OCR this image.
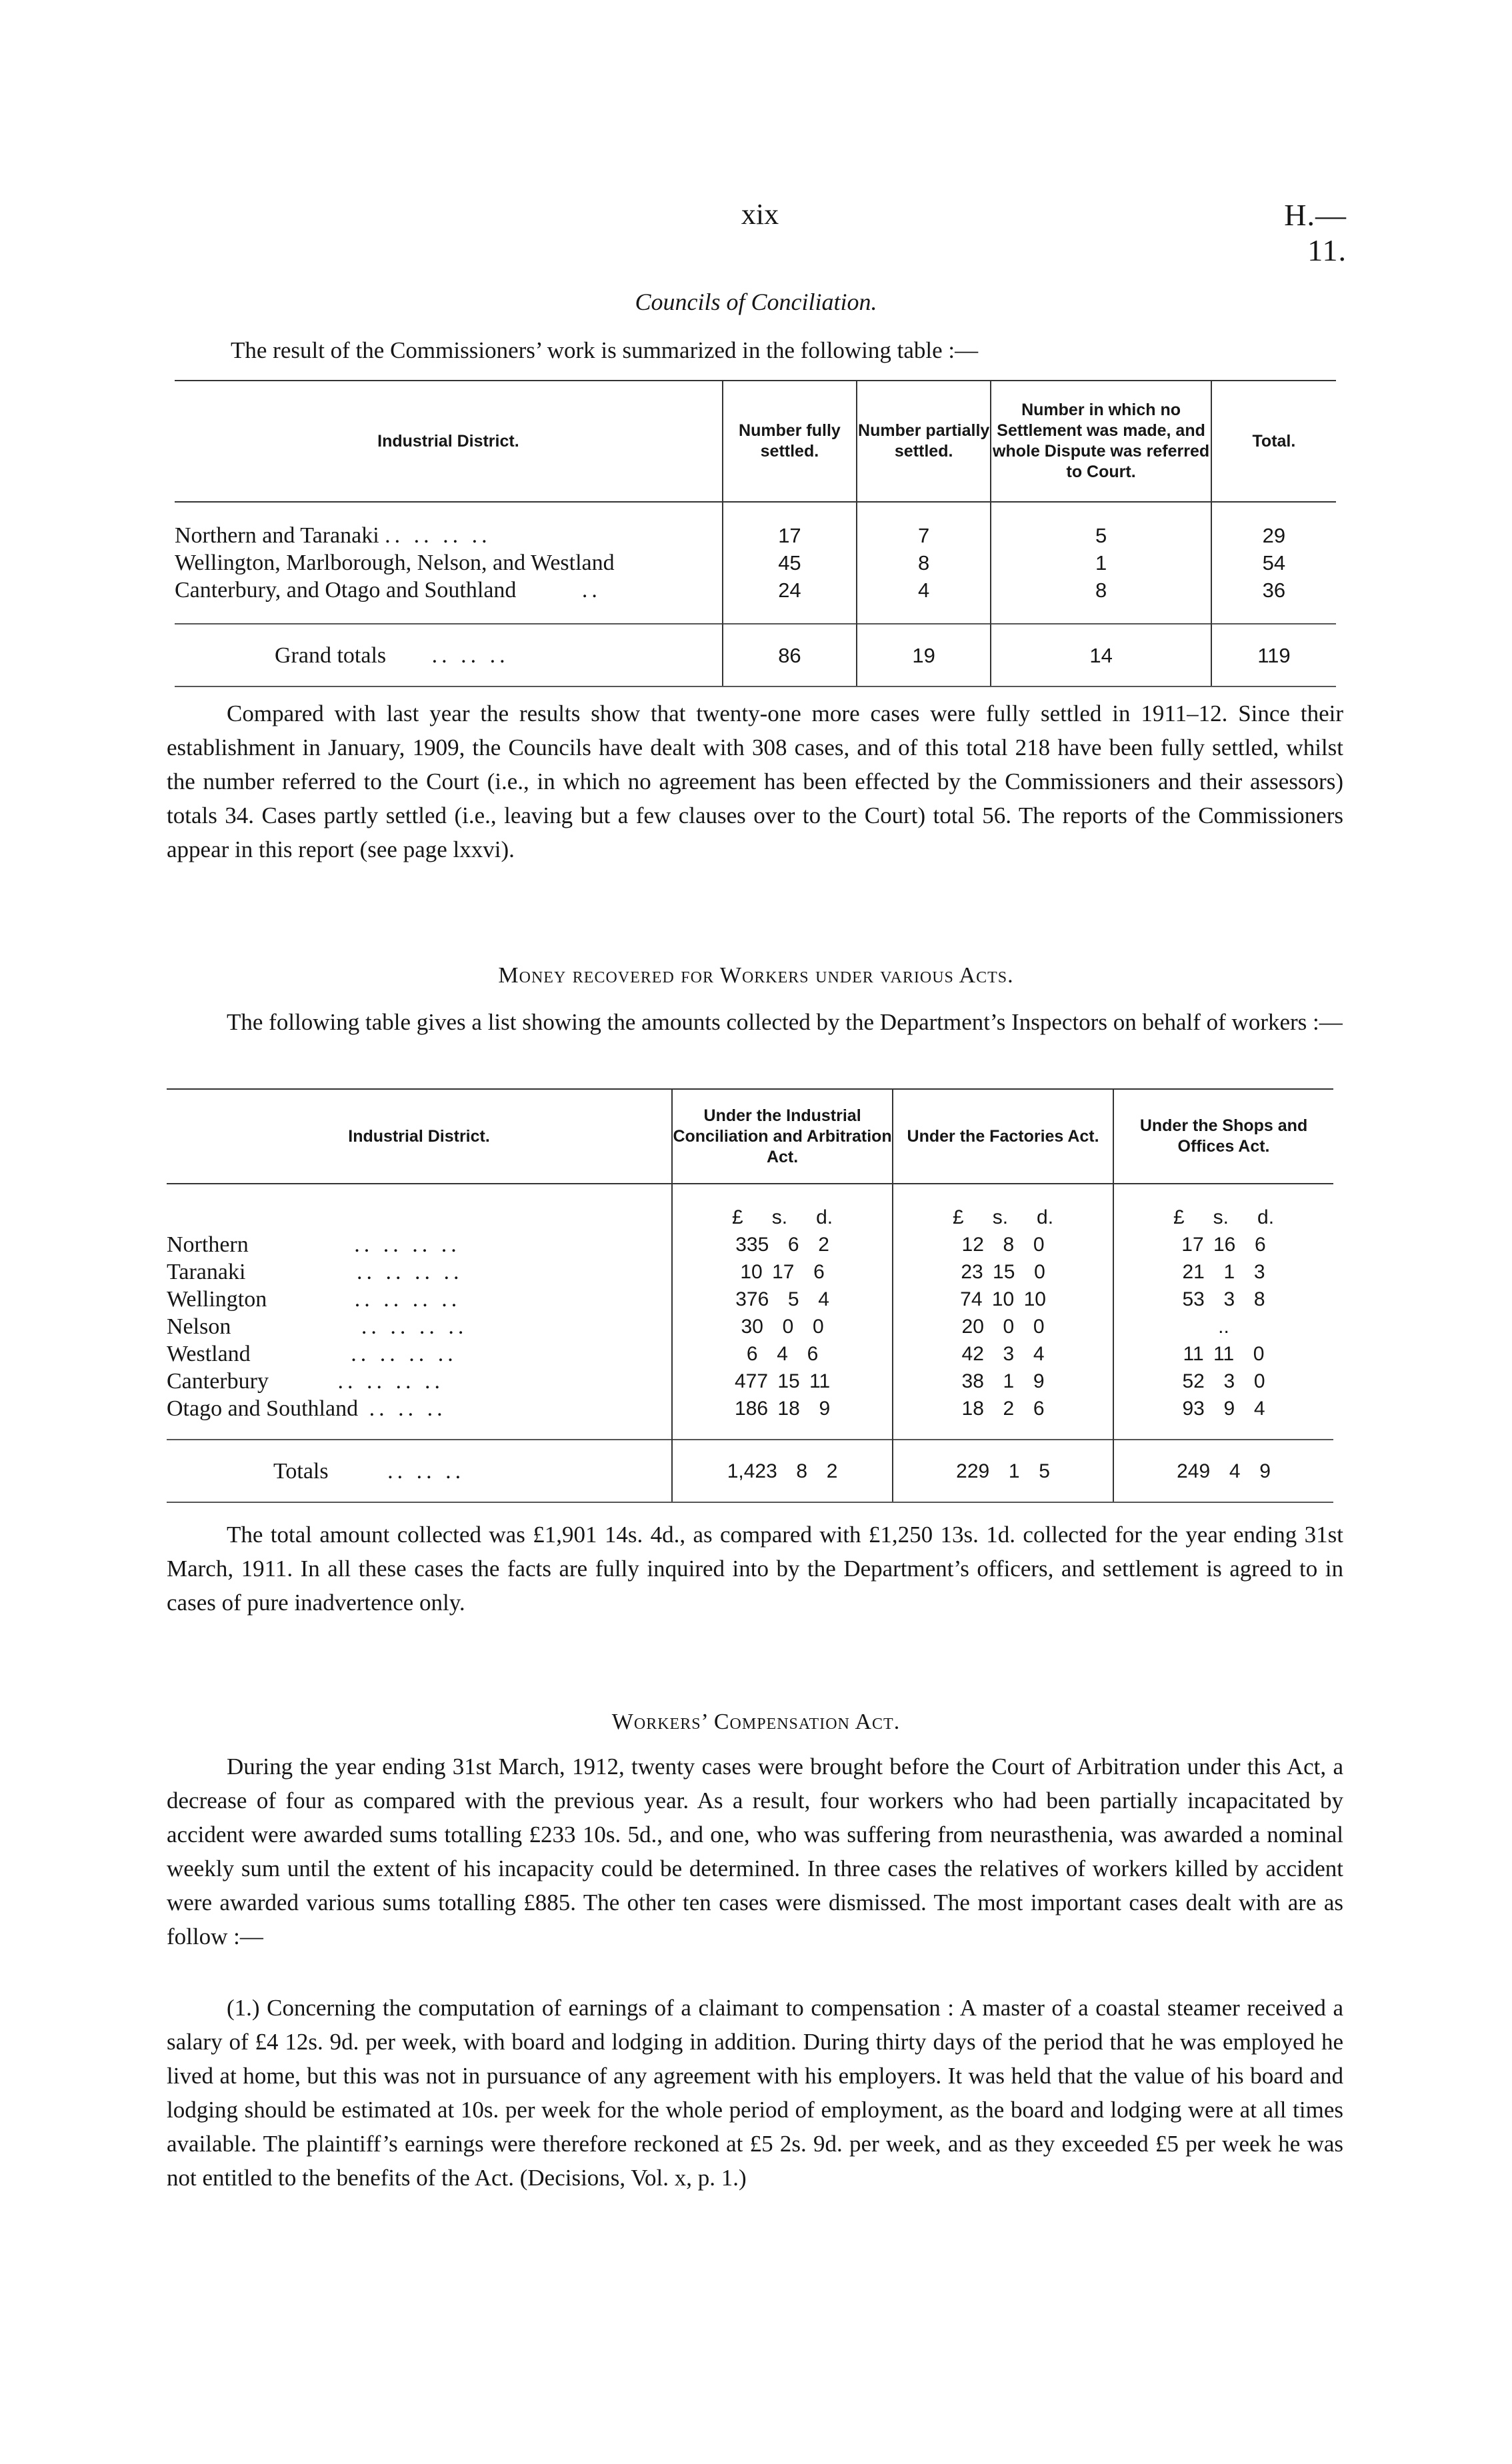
xix	H.—11.
Councils of Conciliation.
The result of the Commissioners’ work is summarized in the following table :—
Industrial District.	Number fully settled.	Number partially settled.	Number in which no Settlement was made, and whole Dispute was referred to Court.	Total.

Northern and Taranaki .. .. .. ..	17	7	5	29
Wellington, Marlborough, Nelson, and Westland	45	8	1	54
Canterbury, and Otago and Southland ..	24	4	8	36

Grand totals .. .. ..	86	19	14	119
Compared with last year the results show that twenty-one more cases were fully settled in 1911–12. Since their establishment in January, 1909, the Councils have dealt with 308 cases, and of this total 218 have been fully settled, whilst the number referred to the Court (i.e., in which no agreement has been effected by the Commissioners and their assessors) totals 34. Cases partly settled (i.e., leaving but a few clauses over to the Court) total 56. The reports of the Commissioners appear in this report (see page lxxvi).
Money recovered for Workers under various Acts.
The following table gives a list showing the amounts collected by the Department’s Inspectors on behalf of workers :—
Industrial District.	Under the Industrial Conciliation and Arbitration Act.	Under the Factories Act.	Under the Shops and Offices Act.

	£   s.   d.	£   s.   d.	£   s.   d.
Northern .. .. .. ..	335  6  2	12  8  0	17 16  6
Taranaki .. .. .. ..	10 17  6	23 15  0	21  1  3
Wellington .. .. .. ..	376  5  4	74 10 10	53  3  8
Nelson .. .. .. ..	30  0  0	20  0  0	..
Westland .. .. .. ..	6  4  6	42  3  4	11 11  0
Canterbury .. .. .. ..	477 15 11	38  1  9	52  3  0
Otago and Southland .. .. ..	186 18  9	18  2  6	93  9  4

Totals .. .. ..	1,423  8  2	229  1  5	249  4  9
The total amount collected was £1,901 14s. 4d., as compared with £1,250 13s. 1d. collected for the year ending 31st March, 1911. In all these cases the facts are fully inquired into by the Department’s officers, and settlement is agreed to in cases of pure inadvertence only.
Workers’ Compensation Act.
During the year ending 31st March, 1912, twenty cases were brought before the Court of Arbitration under this Act, a decrease of four as compared with the previous year. As a result, four workers who had been partially incapacitated by accident were awarded sums totalling £233 10s. 5d., and one, who was suffering from neurasthenia, was awarded a nominal weekly sum until the extent of his incapacity could be determined. In three cases the relatives of workers killed by accident were awarded various sums totalling £885. The other ten cases were dismissed. The most important cases dealt with are as follow :—
(1.) Concerning the computation of earnings of a claimant to compensation : A master of a coastal steamer received a salary of £4 12s. 9d. per week, with board and lodging in addition. During thirty days of the period that he was employed he lived at home, but this was not in pursuance of any agreement with his employers. It was held that the value of his board and lodging should be estimated at 10s. per week for the whole period of employment, as the board and lodging were at all times available. The plaintiff’s earnings were therefore reckoned at £5 2s. 9d. per week, and as they exceeded £5 per week he was not entitled to the benefits of the Act. (Decisions, Vol. x, p. 1.)
